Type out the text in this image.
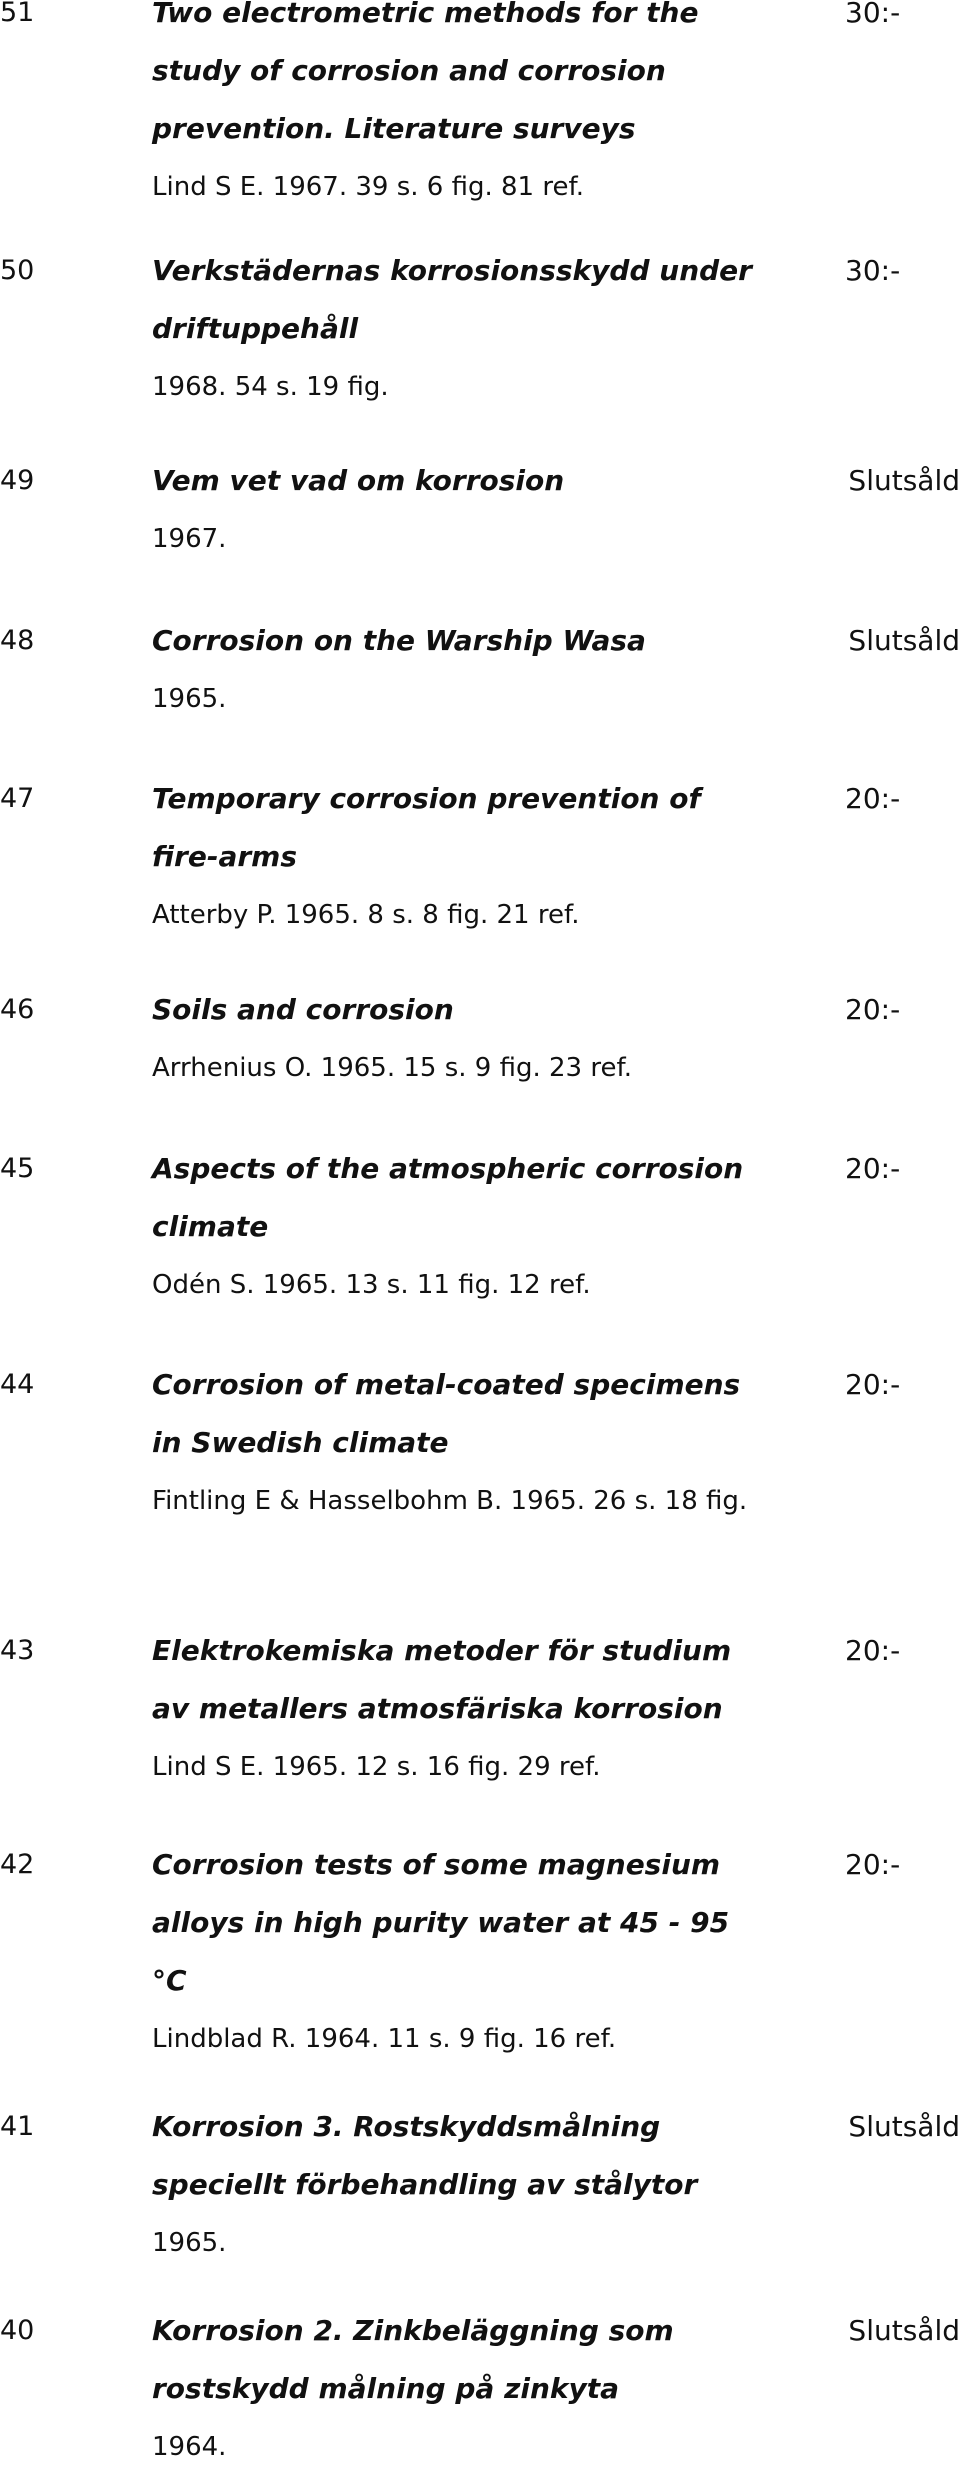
51	Two electrometric methods for the study of corrosion and corrosion prevention. Literature surveys

Lind S E. 1967. 39 s. 6 fig. 81 ref.

30:-
50	Verkstädernas korrosionsskydd under driftuppehåll

1968. 54 s. 19 fig.

30:-
49	Vem vet vad om korrosion

1967.

Slutsåld
48	Corrosion on the Warship Wasa

1965.

Slutsåld
47	Temporary corrosion prevention of fire-arms

Atterby P. 1965. 8 s. 8 fig. 21 ref.

20:-
46	Soils and corrosion

Arrhenius O. 1965. 15 s. 9 fig. 23 ref.

20:-
45	Aspects of the atmospheric corrosion climate

Odén S. 1965. 13 s. 11 fig. 12 ref.

20:-
44	Corrosion of metal-coated specimens in Swedish climate

Fintling E & Hasselbohm B. 1965. 26 s. 18 fig.

20:-
43	Elektrokemiska metoder för studium av metallers atmosfäriska korrosion

Lind S E. 1965. 12 s. 16 fig. 29 ref.

20:-
42	Corrosion tests of some magnesium alloys in high purity water at 45 - 95 °C

Lindblad R. 1964. 11 s. 9 fig. 16 ref.

20:-
41	Korrosion 3. Rostskyddsmålning speciellt förbehandling av stålytor

1965.

Slutsåld
40	Korrosion 2. Zinkbeläggning som rostskydd målning på zinkyta

1964.

Slutsåld
